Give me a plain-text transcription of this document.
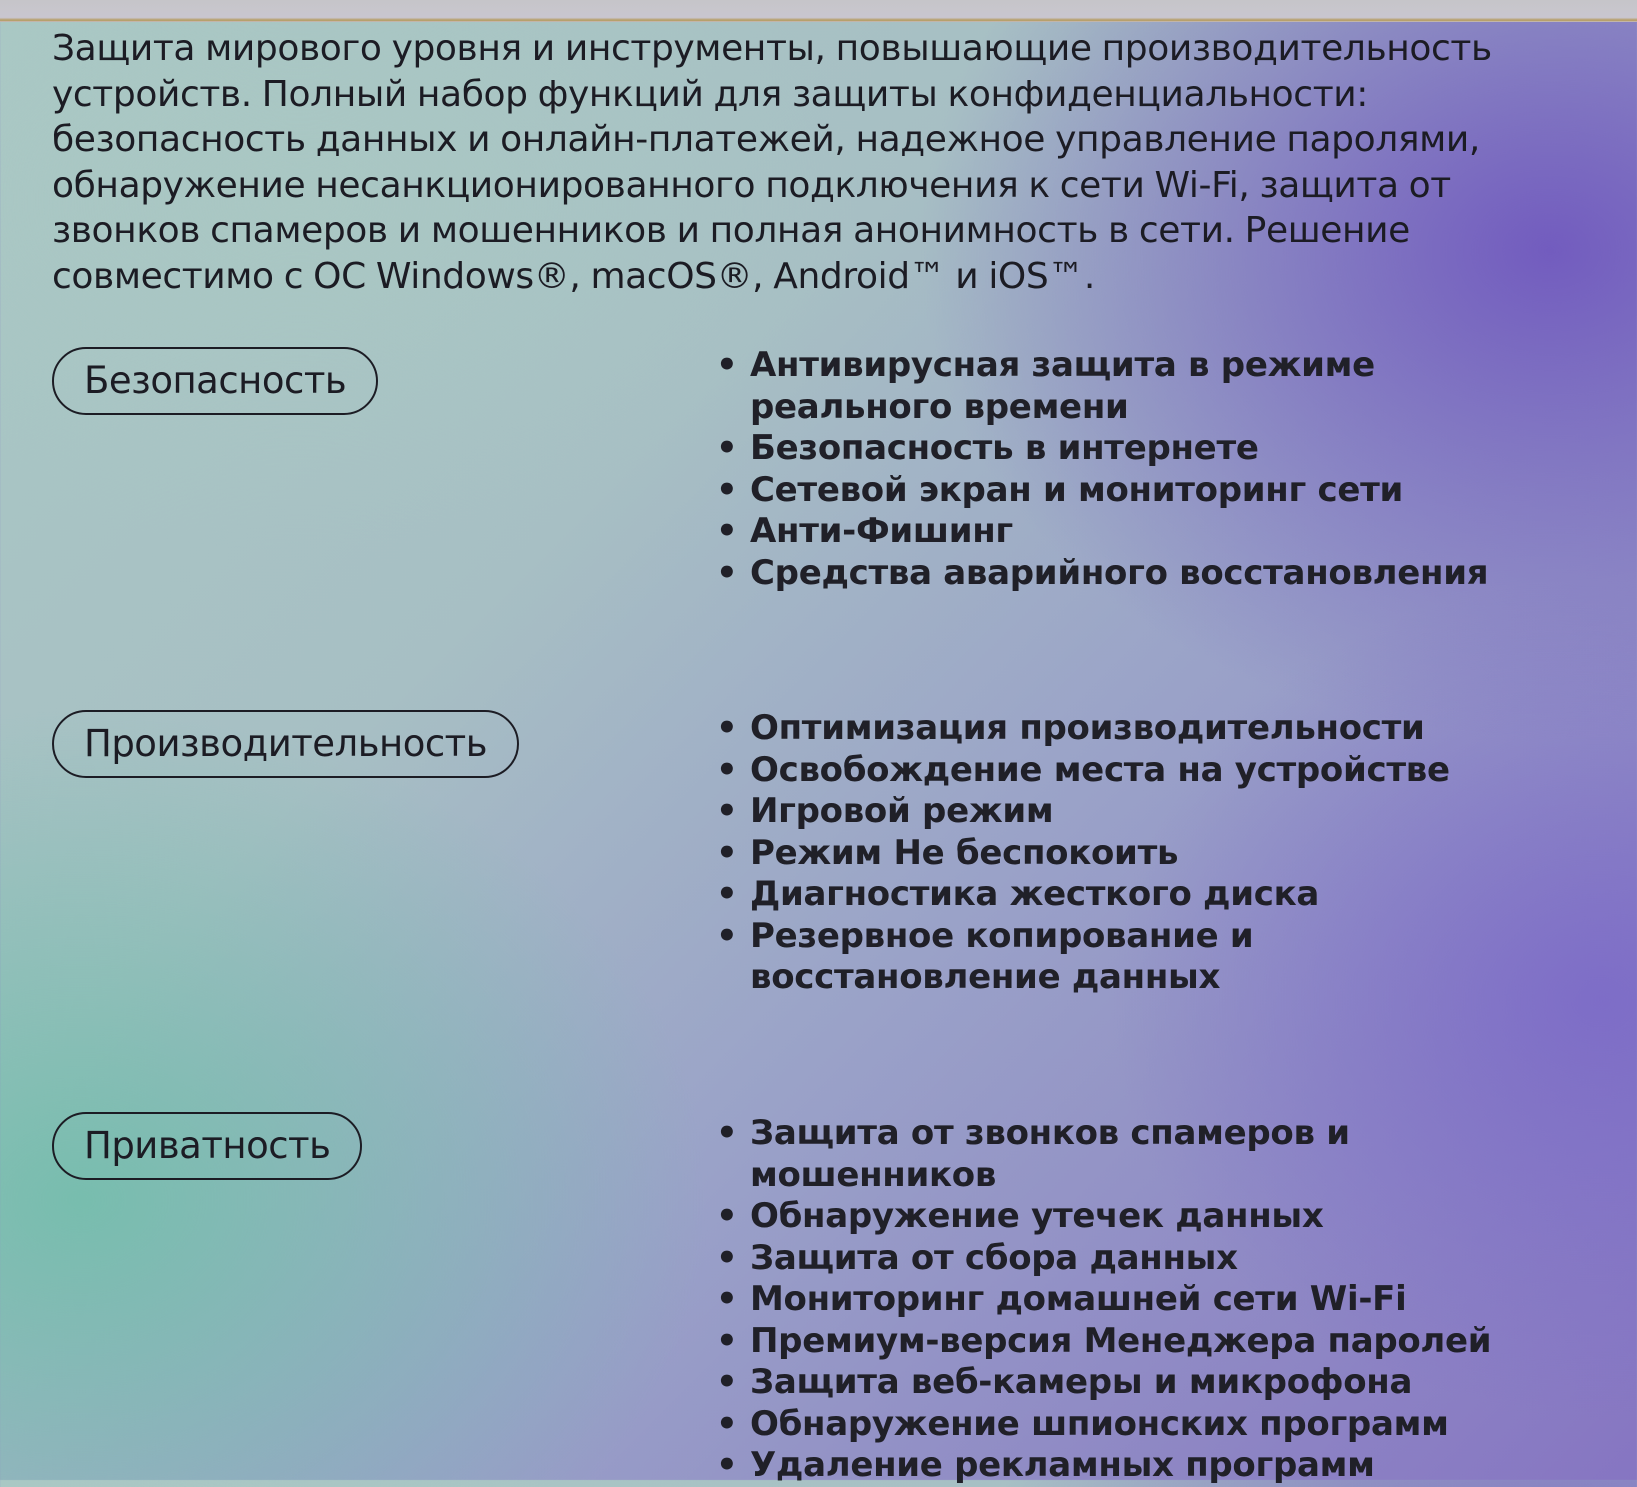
Защита мирового уровня и инструменты, повышающие производительность
устройств. Полный набор функций для защиты конфиденциальности:
безопасность данных и онлайн-платежей, надежное управление паролями,
обнаружение несанкционированного подключения к сети Wi-Fi, защита от
звонков спамеров и мошенников и полная анонимность в сети. Решение
совместимо с ОС Windows®, macOS®, Android™ и iOS™.
Безопасность	• Антивирусная защита в режиме реального времени
• Безопасность в интернете
• Сетевой экран и мониторинг сети
• Анти-Фишинг
• Средства аварийного восстановления
Производительность	• Оптимизация производительности
• Освобождение места на устройстве
• Игровой режим
• Режим Не беспокоить
• Диагностика жесткого диска
• Резервное копирование и восстановление данных
Приватность	• Защита от звонков спамеров и мошенников
• Обнаружение утечек данных
• Защита от сбора данных
• Мониторинг домашней сети Wi-Fi
• Премиум-версия Менеджера паролей
• Защита веб-камеры и микрофона
• Обнаружение шпионских программ
• Удаление рекламных программ
